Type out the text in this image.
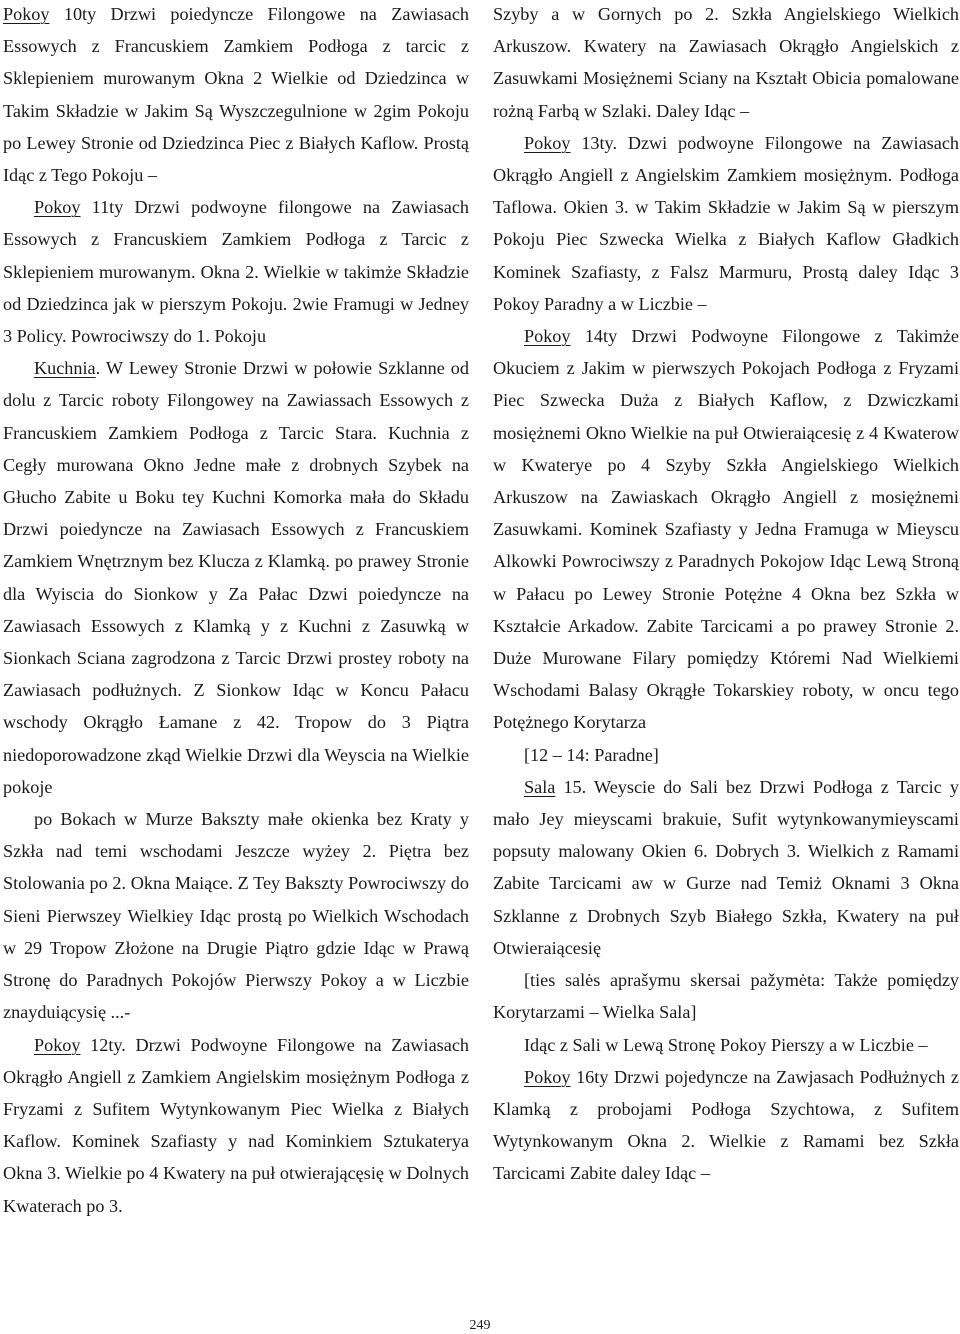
Pokoy 10ty Drzwi poiedyncze Filongowe na Zawiasach Essowych z Francuskiem Zamkiem Podłoga z tarcic z Sklepieniem murowanym Okna 2 Wielkie od Dziedzinca w Takim Składzie w Jakim Są Wyszczegulnione w 2gim Pokoju po Lewey Stronie od Dziedzinca Piec z Białych Kaflow. Prostą Idąc z Tego Pokoju –

Pokoy 11ty Drzwi podwoyne filongowe na Zawiasach Essowych z Francuskiem Zamkiem Podłoga z Tarcic z Sklepieniem murowanym. Okna 2. Wielkie w takimże Składzie od Dziedzinca jak w pierszym Pokoju. 2wie Framugi w Jedney 3 Policy. Powrociwszy do 1. Pokoju

Kuchnia. W Lewey Stronie Drzwi w połowie Szklanne od dolu z Tarcic roboty Filongowey na Zawiassach Essowych z Francuskiem Zamkiem Podłoga z Tarcic Stara. Kuchnia z Cegły murowana Okno Jedne małe z drobnych Szybek na Głucho Zabite u Boku tey Kuchni Komorka mała do Składu Drzwi poiedyncze na Zawiasach Essowych z Francuskiem Zamkiem Wnętrznym bez Klucza z Klamką. po prawey Stronie dla Wyiscia do Sionkow y Za Pałac Dzwi poiedyncze na Zawiasach Essowych z Klamką y z Kuchni z Zasuwką w Sionkach Sciana zagrodzona z Tarcic Drzwi prostey roboty na Zawiasach podłużnych. Z Sionkow Idąc w Koncu Pałacu wschody Okrągło Łamane z 42. Tropow do 3 Piątra niedoporowadzone zkąd Wielkie Drzwi dla Weyscia na Wielkie pokoje

po Bokach w Murze Bakszty małe okienka bez Kraty y Szkła nad temi wschodami Jeszcze wyżey 2. Piętra bez Stolowania po 2. Okna Maiące. Z Tey Bakszty Powrociwszy do Sieni Pierwszey Wielkiey Idąc prostą po Wielkich Wschodach w 29 Tropow Złożone na Drugie Piątro gdzie Idąc w Prawą Stronę do Paradnych Pokojów Pierwszy Pokoy a w Liczbie znayduiącysię ...-

Pokoy 12ty. Drzwi Podwoyne Filongowe na Zawiasach Okrągło Angiell z Zamkiem Angielskim mosiężnym Podłoga z Fryzami z Sufitem Wytynkowanym Piec Wielka z Białych Kaflow. Kominek Szafiasty y nad Kominkiem Sztukaterya Okna 3. Wielkie po 4 Kwatery na puł otwierającęsię w Dolnych Kwaterach po 3.

Szyby a w Gornych po 2. Szkła Angielskiego Wielkich Arkuszow. Kwatery na Zawiasach Okrągło Angielskich z Zasuwkami Mosiężnemi Sciany na Kształt Obicia pomalowane rożną Farbą w Szlaki. Daley Idąc –

Pokoy 13ty. Dzwi podwoyne Filongowe na Zawiasach Okrągło Angiell z Angielskim Zamkiem mosiężnym. Podłoga Taflowa. Okien 3. w Takim Składzie w Jakim Są w pierszym Pokoju Piec Szwecka Wielka z Białych Kaflow Gładkich Kominek Szafiasty, z Falsz Marmuru, Prostą daley Idąc 3 Pokoy Paradny a w Liczbie –

Pokoy 14ty Drzwi Podwoyne Filongowe z Takimże Okuciem z Jakim w pierwszych Pokojach Podłoga z Fryzami Piec Szwecka Duża z Białych Kaflow, z Dzwiczkami mosiężnemi Okno Wielkie na puł Otwieraiącesię z 4 Kwaterow w Kwaterye po 4 Szyby Szkła Angielskiego Wielkich Arkuszow na Zawiaskach Okrągło Angiell z mosiężnemi Zasuwkami. Kominek Szafiasty y Jedna Framuga w Mieyscu Alkowki Powrociwszy z Paradnych Pokojow Idąc Lewą Stroną w Pałacu po Lewey Stronie Potężne 4 Okna bez Szkła w Kształcie Arkadow. Zabite Tarcicami a po prawey Stronie 2. Duże Murowane Filary pomiędzy Któremi Nad Wielkiemi Wschodami Balasy Okrągłe Tokarskiey roboty, w oncu tego Potężnego Korytarza

[12 – 14: Paradne]

Sala 15. Weyscie do Sali bez Drzwi Podłoga z Tarcic y mało Jey mieyscami brakuie, Sufit wytynkowanymieyscami popsuty malowany Okien 6. Dobrych 3. Wielkich z Ramami Zabite Tarcicami aw w Gurze nad Temiż Oknami 3 Okna Szklanne z Drobnych Szyb Białego Szkła, Kwatery na puł Otwieraiącesię

[ties salės aprašymu skersai pažymėta: Także pomiędzy Korytarzami – Wielka Sala]

Idąc z Sali w Lewą Stronę Pokoy Pierszy a w Liczbie –

Pokoy 16ty Drzwi pojedyncze na Zawjasach Podłużnych z Klamką z probojami Podłoga Szychtowa, z Sufitem Wytynkowanym Okna 2. Wielkie z Ramami bez Szkła Tarcicami Zabite daley Idąc –

249
